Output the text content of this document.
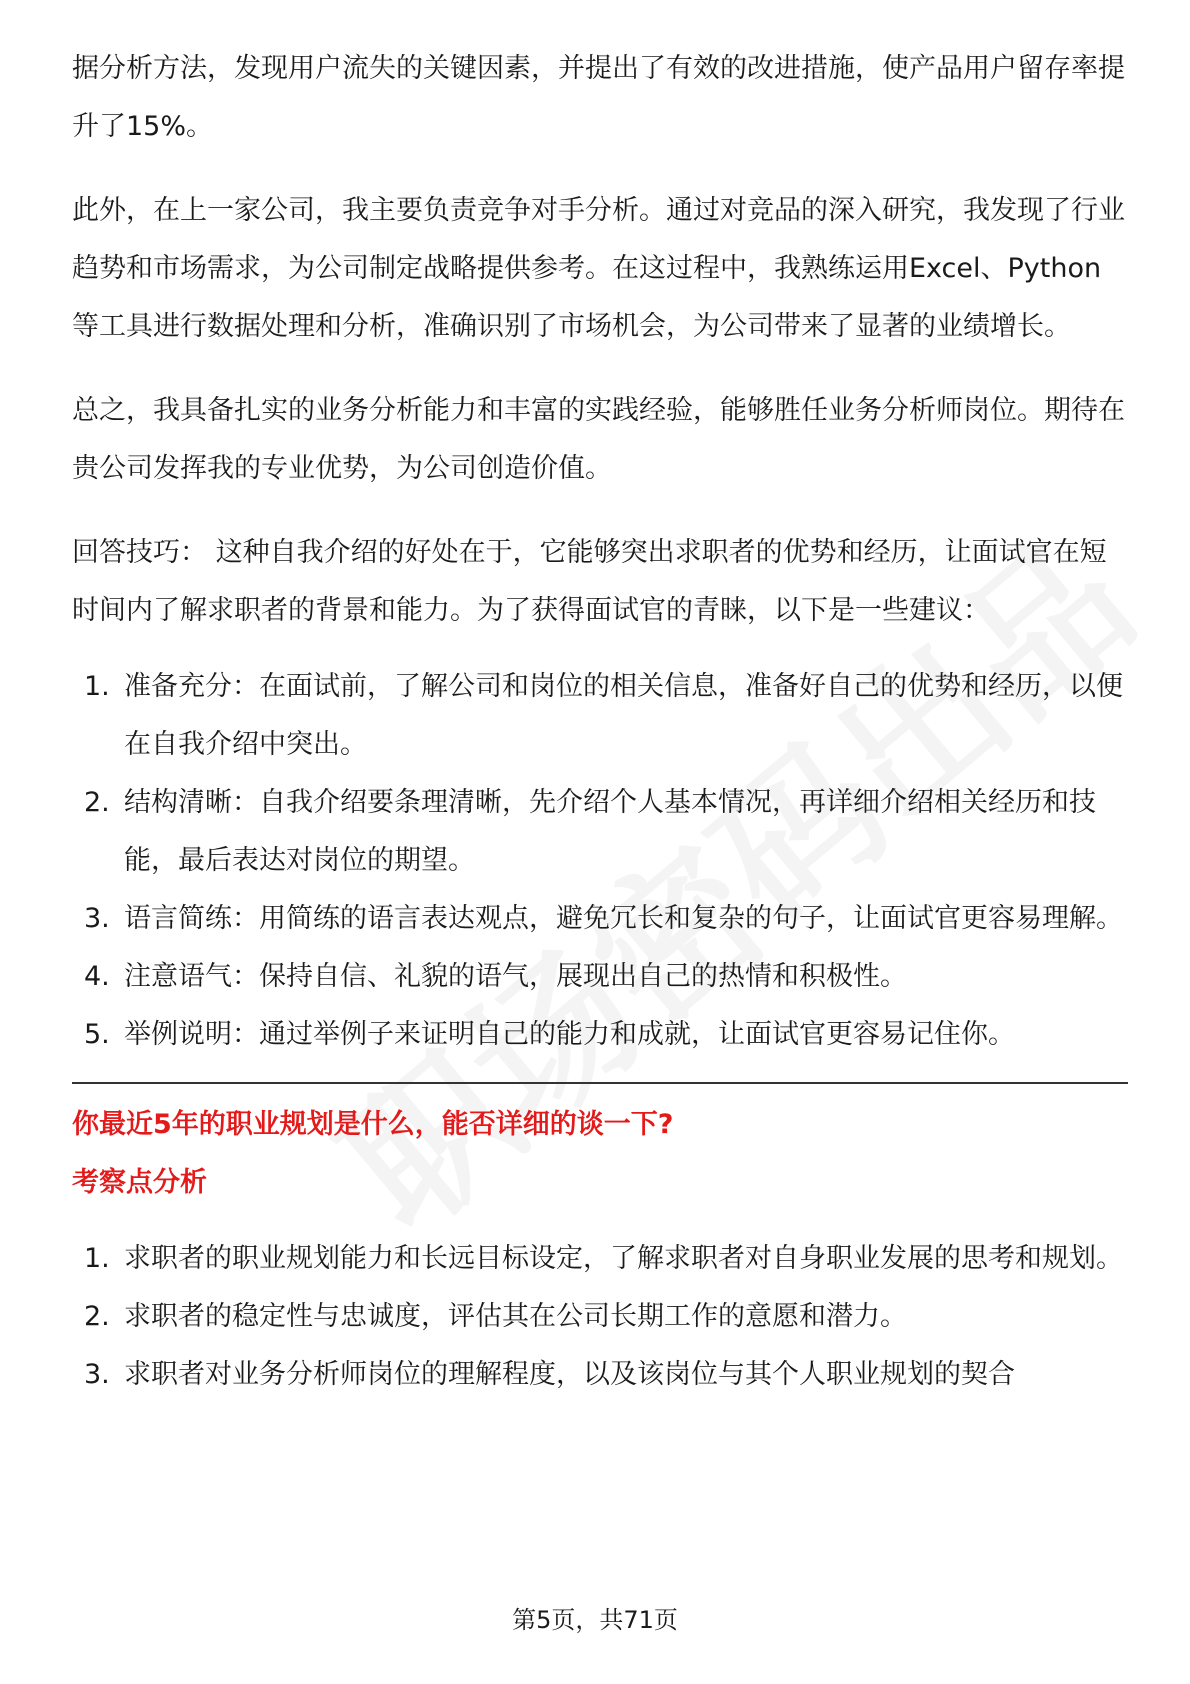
据分析方法，发现用户流失的关键因素，并提出了有效的改进措施，使产品用户留存率提升了15%。

此外，在上一家公司，我主要负责竞争对手分析。通过对竞品的深入研究，我发现了行业趋势和市场需求，为公司制定战略提供参考。在这过程中，我熟练运用Excel、Python等工具进行数据处理和分析，准确识别了市场机会，为公司带来了显著的业绩增长。

总之，我具备扎实的业务分析能力和丰富的实践经验，能够胜任业务分析师岗位。期待在贵公司发挥我的专业优势，为公司创造价值。

回答技巧： 这种自我介绍的好处在于，它能够突出求职者的优势和经历，让面试官在短时间内了解求职者的背景和能力。为了获得面试官的青睐，以下是一些建议：

1. 准备充分：在面试前，了解公司和岗位的相关信息，准备好自己的优势和经历，以便在自我介绍中突出。
2. 结构清晰：自我介绍要条理清晰，先介绍个人基本情况，再详细介绍相关经历和技能，最后表达对岗位的期望。
3. 语言简练：用简练的语言表达观点，避免冗长和复杂的句子，让面试官更容易理解。
4. 注意语气：保持自信、礼貌的语气，展现出自己的热情和积极性。
5. 举例说明：通过举例子来证明自己的能力和成就，让面试官更容易记住你。
你最近5年的职业规划是什么，能否详细的谈一下?
考察点分析
1. 求职者的职业规划能力和长远目标设定，了解求职者对自身职业发展的思考和规划。
2. 求职者的稳定性与忠诚度，评估其在公司长期工作的意愿和潜力。
3. 求职者对业务分析师岗位的理解程度，以及该岗位与其个人职业规划的契合
第5页，共71页
